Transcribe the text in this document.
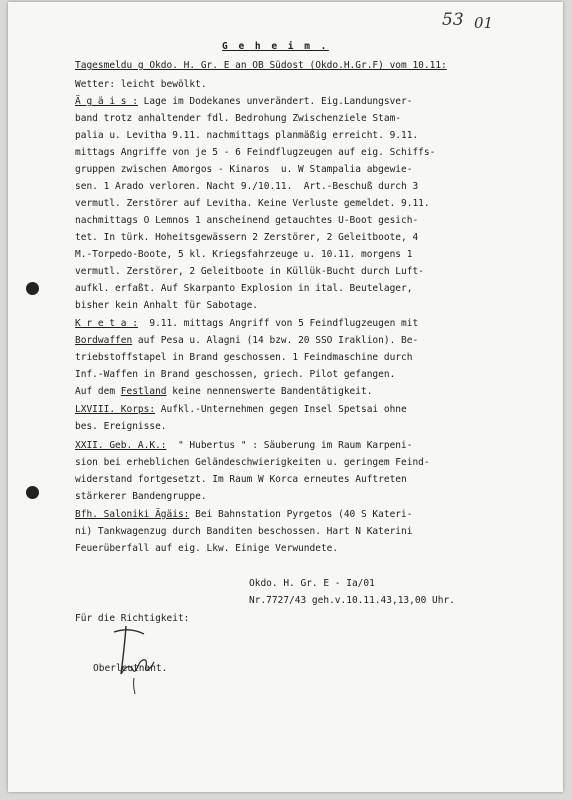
53 01
G e h e i m .
Tagesmeldu g Okdo. H. Gr. E an OB Südost (Okdo.H.Gr.F) vom 10.11:
Wetter: leicht bewölkt.
Ä g ä i s : Lage im Dodekanes unverändert. Eig.Landungsver-
band trotz anhaltender fdl. Bedrohung Zwischenziele Stam-
palia u. Levitha 9.11. nachmittags planmäßig erreicht. 9.11.
mittags Angriffe von je 5 - 6 Feindflugzeugen auf eig. Schiffs-
gruppen zwischen Amorgos - Kinaros  u. W Stampalia abgewie-
sen. 1 Arado verloren. Nacht 9./10.11.  Art.-Beschuß durch 3
vermutl. Zerstörer auf Levitha. Keine Verluste gemeldet. 9.11.
nachmittags O Lemnos 1 anscheinend getauchtes U-Boot gesich-
tet. In türk. Hoheitsgewässern 2 Zerstörer, 2 Geleitboote, 4
M.-Torpedo-Boote, 5 kl. Kriegsfahrzeuge u. 10.11. morgens 1
vermutl. Zerstörer, 2 Geleitboote in Küllük-Bucht durch Luft-
aufkl. erfaßt. Auf Skarpanto Explosion in ital. Beutelager,
bisher kein Anhalt für Sabotage.
K r e t a :  9.11. mittags Angriff von 5 Feindflugzeugen mit
Bordwaffen auf Pesa u. Alagni (14 bzw. 20 SSO Iraklion). Be-
triebstoffstapel in Brand geschossen. 1 Feindmaschine durch
Inf.-Waffen in Brand geschossen, griech. Pilot gefangen.
Auf dem Festland keine nennenswerte Bandentätigkeit.
LXVIII. Korps: Aufkl.-Unternehmen gegen Insel Spetsai ohne
bes. Ereignisse.
XXII. Geb. A.K.:  " Hubertus " : Säuberung im Raum Karpeni-
sion bei erheblichen Geländeschwierigkeiten u. geringem Feind-
widerstand fortgesetzt. Im Raum W Korca erneutes Auftreten
stärkerer Bandengruppe.
Bfh. Saloniki Ägäis: Bei Bahnstation Pyrgetos (40 S Kateri-
ni) Tankwagenzug durch Banditen beschossen. Hart N Katerini
Feuerüberfall auf eig. Lkw. Einige Verwundete.
Okdo. H. Gr. E - Ia/01
Nr.7727/43 geh.v.10.11.43,13,00 Uhr.
Für die Richtigkeit:
Oberleutnant.
